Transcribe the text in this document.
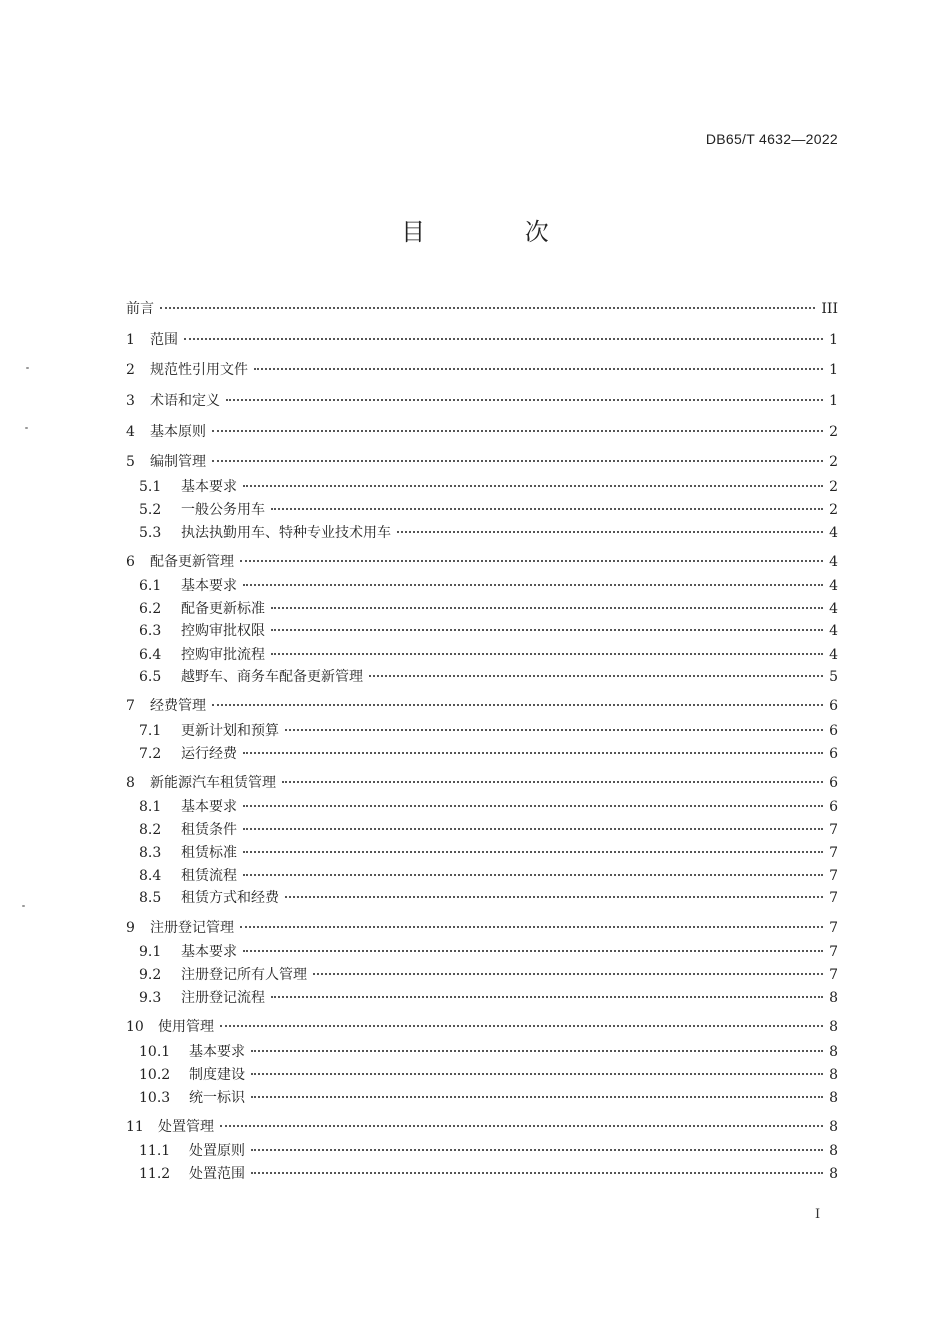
DB65/T 4632—2022
目 次
前言	III
1	范围	1
2	规范性引用文件	1
3	术语和定义	1
4	基本原则	2
5	编制管理	2
5.1	基本要求	2
5.2	一般公务用车	2
5.3	执法执勤用车、特种专业技术用车	4
6	配备更新管理	4
6.1	基本要求	4
6.2	配备更新标准	4
6.3	控购审批权限	4
6.4	控购审批流程	4
6.5	越野车、商务车配备更新管理	5
7	经费管理	6
7.1	更新计划和预算	6
7.2	运行经费	6
8	新能源汽车租赁管理	6
8.1	基本要求	6
8.2	租赁条件	7
8.3	租赁标准	7
8.4	租赁流程	7
8.5	租赁方式和经费	7
9	注册登记管理	7
9.1	基本要求	7
9.2	注册登记所有人管理	7
9.3	注册登记流程	8
10	使用管理	8
10.1	基本要求	8
10.2	制度建设	8
10.3	统一标识	8
11	处置管理	8
11.1	处置原则	8
11.2	处置范围	8
I
